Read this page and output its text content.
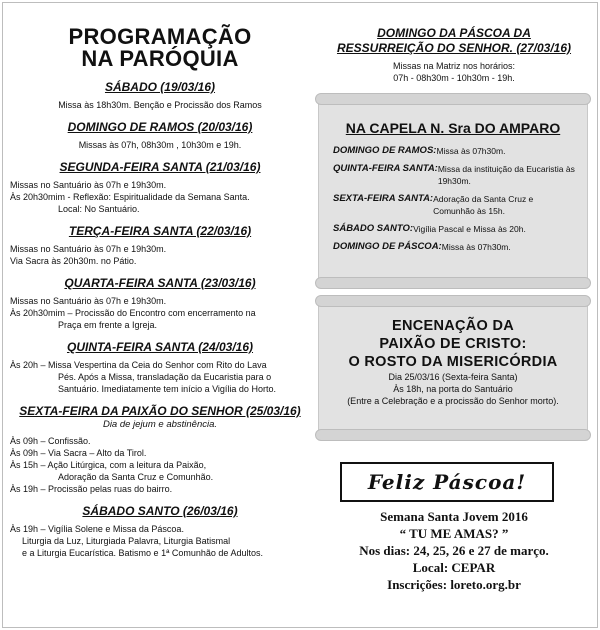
PROGRAMAÇÃO
NA PARÓQUIA
SÁBADO (19/03/16)
Missa às 18h30m. Benção e Procissão dos Ramos
DOMINGO DE RAMOS (20/03/16)
Missas às 07h, 08h30m , 10h30m e 19h.
SEGUNDA-FEIRA SANTA (21/03/16)
Missas no Santuário às 07h e 19h30m.
Às 20h30mim - Reflexão: Espiritualidade da Semana Santa.
Local: No Santuário.
TERÇA-FEIRA SANTA (22/03/16)
Missas no Santuário às 07h e 19h30m.
Via Sacra às 20h30m. no Pátio.
QUARTA-FEIRA SANTA (23/03/16)
Missas no Santuário às 07h e 19h30m.
Às 20h30mim – Procissão do Encontro com encerramento na
Praça em frente a Igreja.
QUINTA-FEIRA SANTA (24/03/16)
Às 20h – Missa Vespertina da Ceia do Senhor com Rito do Lava
Pés. Após a Missa, transladação da Eucaristia para o
Santuário. Imediatamente tem início a Vigília do Horto.
SEXTA-FEIRA DA PAIXÃO DO SENHOR (25/03/16)
Dia de jejum e abstinência.
Às 09h – Confissão.
Às 09h – Via Sacra – Alto da Tirol.
Às 15h – Ação Litúrgica, com a leitura da Paixão,
Adoração da Santa Cruz e Comunhão.
Às 19h – Procissão pelas ruas do bairro.
SÁBADO SANTO (26/03/16)
Às 19h – Vigília Solene e Missa da Páscoa.
Liturgia da Luz, Liturgiada Palavra, Liturgia Batismal
e a Liturgia Eucarística. Batismo e 1ª Comunhão de Adultos.
DOMINGO DA PÁSCOA DA
RESSURREIÇÃO DO SENHOR. (27/03/16)
Missas na Matriz nos horários:
07h - 08h30m - 10h30m - 19h.
NA CAPELA N. Sra DO AMPARO
DOMINGO DE RAMOS: Missa às 07h30m.
QUINTA-FEIRA SANTA: Missa da instituição da Eucaristia às 19h30m.
SEXTA-FEIRA SANTA: Adoração da Santa Cruz e Comunhão às 15h.
SÁBADO SANTO: Vigília Pascal e Missa às 20h.
DOMINGO DE PÁSCOA: Missa às 07h30m.
ENCENAÇÃO DA
PAIXÃO DE CRISTO:
O ROSTO DA MISERICÓRDIA
Dia 25/03/16 (Sexta-feira Santa)
Às 18h, na porta do Santuário
(Entre a Celebração e a procissão do Senhor morto).
Feliz Páscoa!
Semana Santa Jovem 2016
“ TU ME AMAS? ”
Nos dias: 24, 25, 26 e 27 de março.
Local: CEPAR
Inscrições: loreto.org.br
